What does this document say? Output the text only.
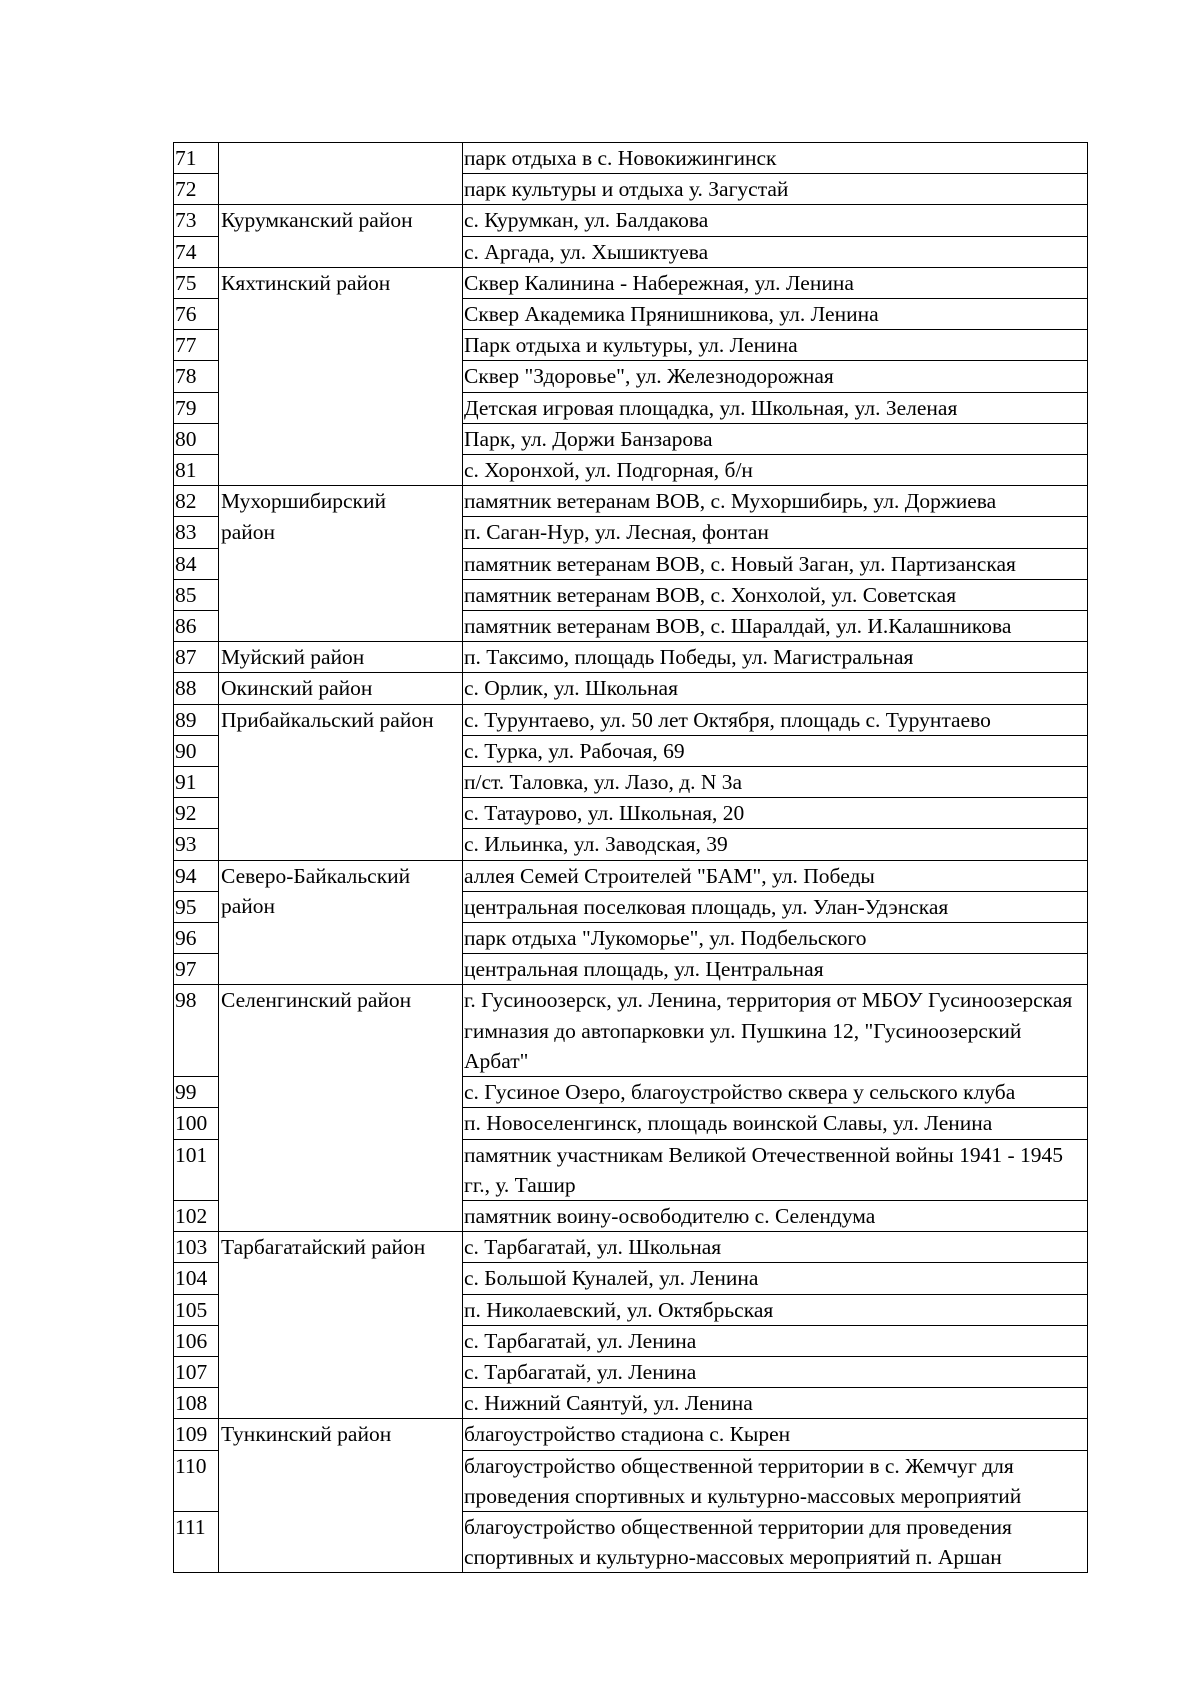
71		парк отдыха в с. Новокижингинск
72		парк культуры и отдыха у. Загустай
73	Курумканский район	с. Курумкан, ул. Балдакова
74		с. Аргада, ул. Хышиктуева
75	Кяхтинский район	Сквер Калинина - Набережная, ул. Ленина
76		Сквер Академика Прянишникова, ул. Ленина
77		Парк отдыха и культуры, ул. Ленина
78		Сквер "Здоровье", ул. Железнодорожная
79		Детская игровая площадка, ул. Школьная, ул. Зеленая
80		Парк, ул. Доржи Банзарова
81		с. Хоронхой, ул. Подгорная, б/н
82	Мухоршибирский	памятник ветеранам ВОВ, с. Мухоршибирь, ул. Доржиева
83	район	п. Саган-Нур, ул. Лесная, фонтан
84		памятник ветеранам ВОВ, с. Новый Заган, ул. Партизанская
85		памятник ветеранам ВОВ, с. Хонхолой, ул. Советская
86		памятник ветеранам ВОВ, с. Шаралдай, ул. И.Калашникова
87	Муйский район	п. Таксимо, площадь Победы, ул. Магистральная
88	Окинский район	с. Орлик, ул. Школьная
89	Прибайкальский район	с. Турунтаево, ул. 50 лет Октября, площадь с. Турунтаево
90		с. Турка, ул. Рабочая, 69
91		п/ст. Таловка, ул. Лазо, д. N 3а
92		с. Татаурово, ул. Школьная, 20
93		с. Ильинка, ул. Заводская, 39
94	Северо-Байкальский	аллея Семей Строителей "БАМ", ул. Победы
95	район	центральная поселковая площадь, ул. Улан-Удэнская
96		парк отдыха "Лукоморье", ул. Подбельского
97		центральная площадь, ул. Центральная
98	Селенгинский район	г. Гусиноозерск, ул. Ленина, территория от МБОУ Гусиноозерская гимназия до автопарковки ул. Пушкина 12, "Гусиноозерский Арбат"
99		с. Гусиное Озеро, благоустройство сквера у сельского клуба
100		п. Новоселенгинск, площадь воинской Славы, ул. Ленина
101		памятник участникам Великой Отечественной войны 1941 - 1945 гг., у. Ташир
102		памятник воину-освободителю с. Селендума
103	Тарбагатайский район	с. Тарбагатай, ул. Школьная
104		с. Большой Куналей, ул. Ленина
105		п. Николаевский, ул. Октябрьская
106		с. Тарбагатай, ул. Ленина
107		с. Тарбагатай, ул. Ленина
108		с. Нижний Саянтуй, ул. Ленина
109	Тункинский район	благоустройство стадиона с. Кырен
110		благоустройство общественной территории в с. Жемчуг для проведения спортивных и культурно-массовых мероприятий
111		благоустройство общественной территории для проведения спортивных и культурно-массовых мероприятий п. Аршан
